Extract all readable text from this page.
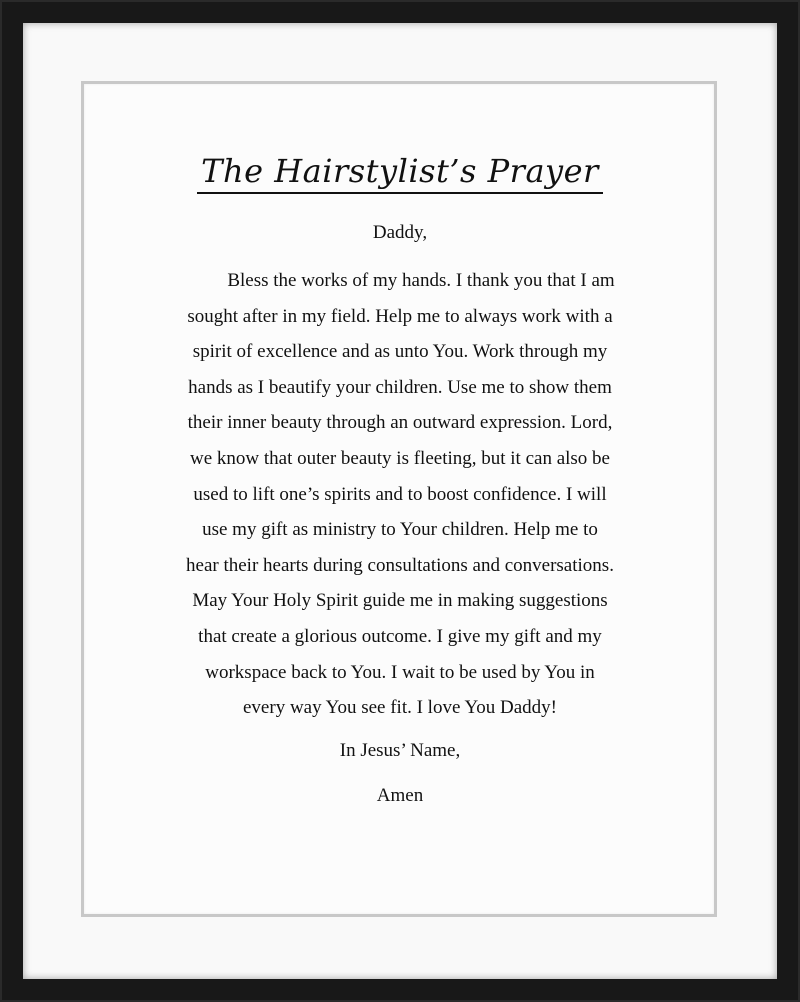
The Hairstylist’s Prayer
Daddy,
Bless the works of my hands. I thank you that I am
sought after in my field. Help me to always work with a
spirit of excellence and as unto You. Work through my
hands as I beautify your children. Use me to show them
their inner beauty through an outward expression. Lord,
we know that outer beauty is fleeting, but it can also be
used to lift one’s spirits and to boost confidence. I will
use my gift as ministry to Your children. Help me to
hear their hearts during consultations and conversations.
May Your Holy Spirit guide me in making suggestions
that create a glorious outcome. I give my gift and my
workspace back to You. I wait to be used by You in
every way You see fit. I love You Daddy!
In Jesus’ Name,
Amen
